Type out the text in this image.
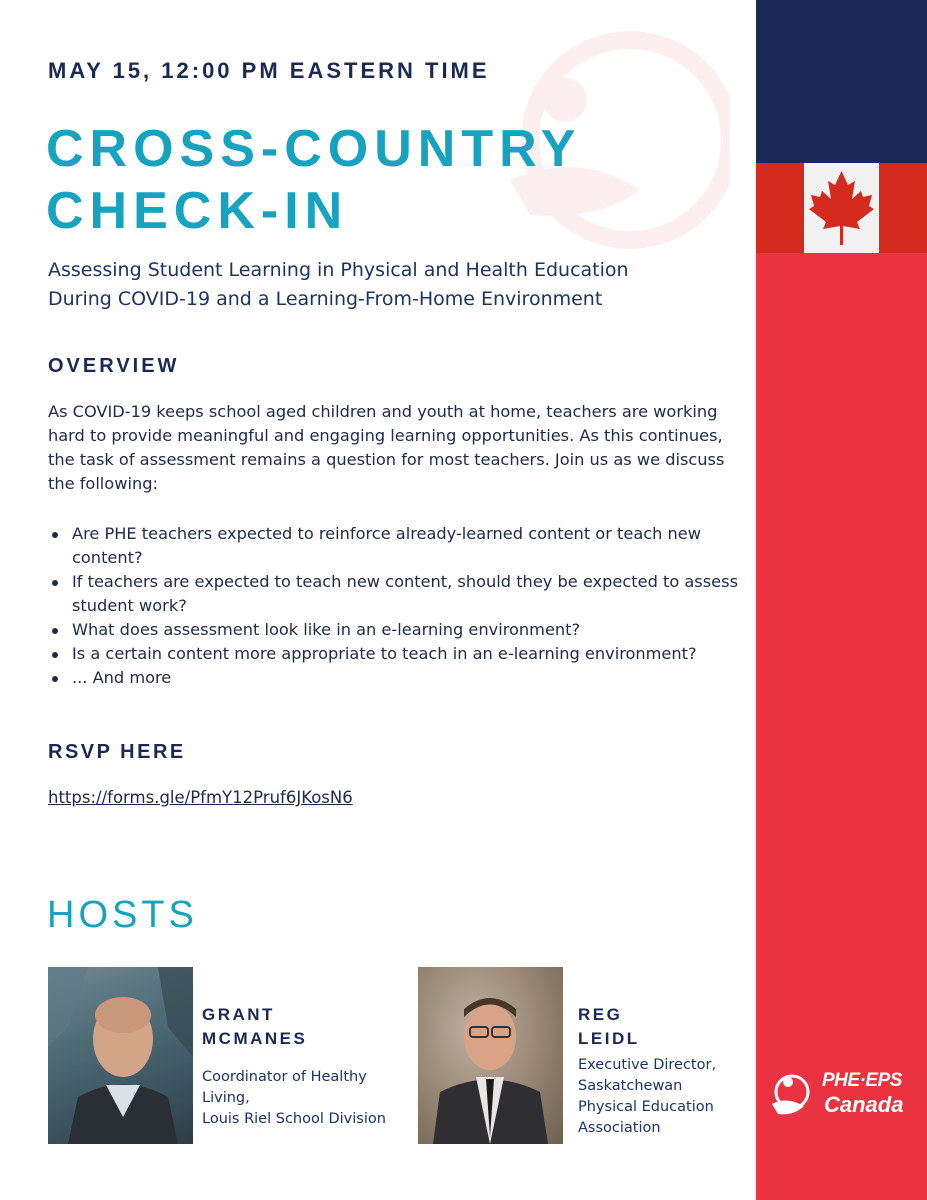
MAY 15, 12:00 PM EASTERN TIME
CROSS-COUNTRY
CHECK-IN
Assessing Student Learning in Physical and Health Education
During COVID-19 and a Learning-From-Home Environment
OVERVIEW
As COVID-19 keeps school aged children and youth at home, teachers are working hard to provide meaningful and engaging learning opportunities. As this continues, the task of assessment remains a question for most teachers. Join us as we discuss the following:
Are PHE teachers expected to reinforce already-learned content or teach new content?
If teachers are expected to teach new content, should they be expected to assess student work?
What does assessment look like in an e-learning environment?
Is a certain content more appropriate to teach in an e-learning environment?
... And more
RSVP HERE
https://forms.gle/PfmY12Pruf6JKosN6
HOSTS
GRANT
MCMANES
Coordinator of Healthy
Living,
Louis Riel School Division
REG
LEIDL
Executive Director,
Saskatchewan
Physical Education
Association
PHE·EPS
Canada
